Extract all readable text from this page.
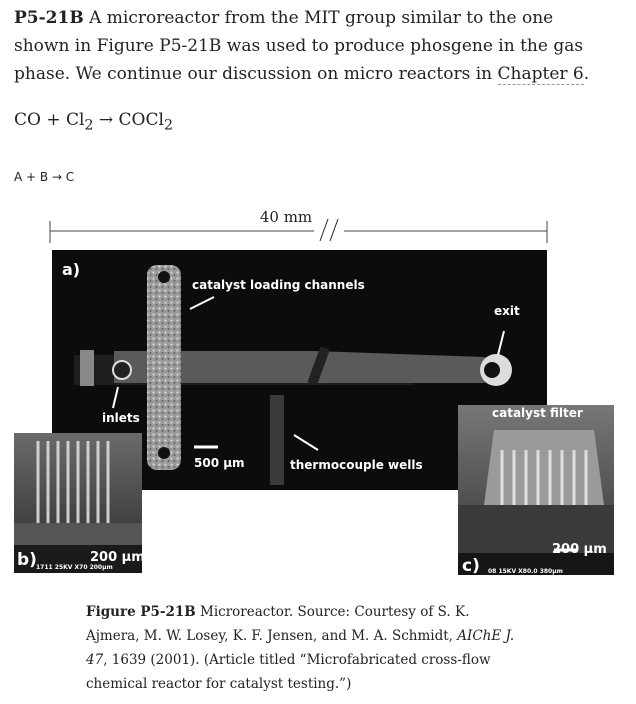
P5-21B A microreactor from the MIT group similar to the one shown in Figure P5-21B was used to produce phosgene in the gas phase. We continue our discussion on micro reactors in Chapter 6.
CO + $Cl_2$ → COCl$_2$
A + B → C
40 mm
a)
catalyst loading channels
exit
inlets
500 μm	thermocouple wells
b) 1711 25KV X70 200μm
200 μm
catalyst filter
c) 08 15KV X80.0 380μm
200 μm
Figure P5-21B Microreactor. Source: Courtesy of S. K. Ajmera, M. W. Losey, K. F. Jensen, and M. A. Schmidt, AIChE J. 47, 1639 (2001). (Article titled “Microfabricated cross-flow chemical reactor for catalyst testing.”)
